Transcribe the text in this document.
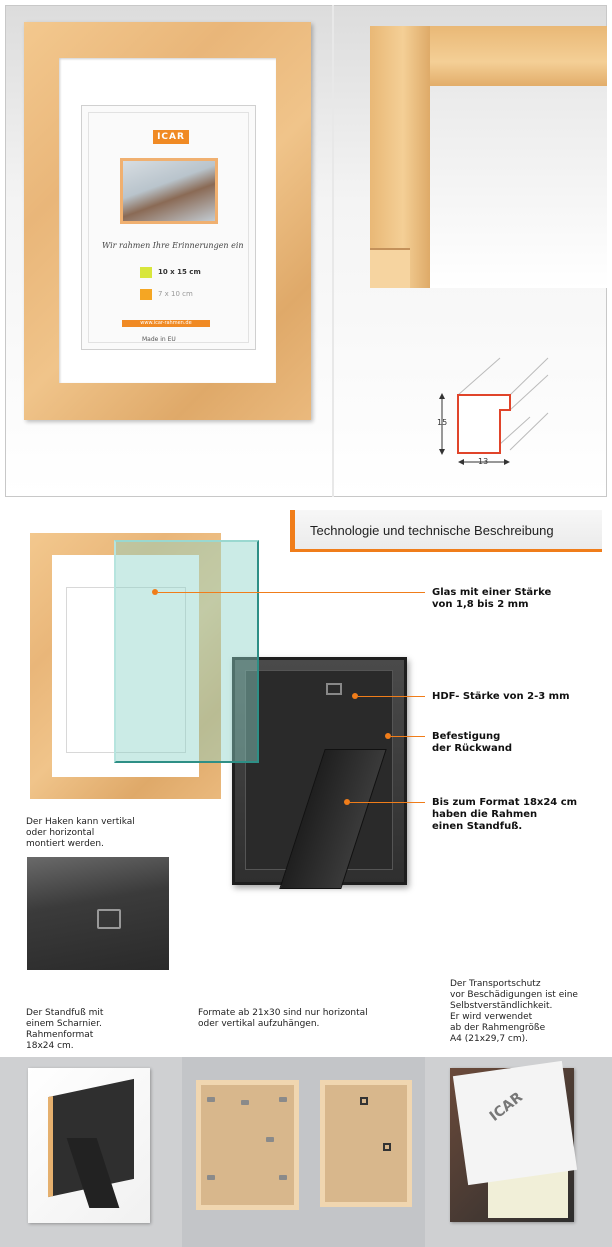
ICAR
Wir rahmen Ihre Erinnerungen ein
10 x 15 cm
7 x 10 cm
www.icar-rahmen.de
Made in EU
15
13
Technologie und technische Beschreibung
Glas mit einer Stärke
von 1,8 bis 2 mm
HDF- Stärke von 2-3 mm
Befestigung
der Rückwand
Bis zum Format 18x24 cm
haben die Rahmen
einen Standfuß.
Der Haken kann vertikal
oder horizontal
montiert werden.
Der Standfuß mit
einem Scharnier.
Rahmenformat
18x24 cm.
Formate ab 21x30 sind nur horizontal
oder vertikal aufzuhängen.
Der Transportschutz
vor Beschädigungen ist eine
Selbstverständlichkeit.
Er wird verwendet
ab der Rahmengröße
A4 (21x29,7 cm).
ICAR
